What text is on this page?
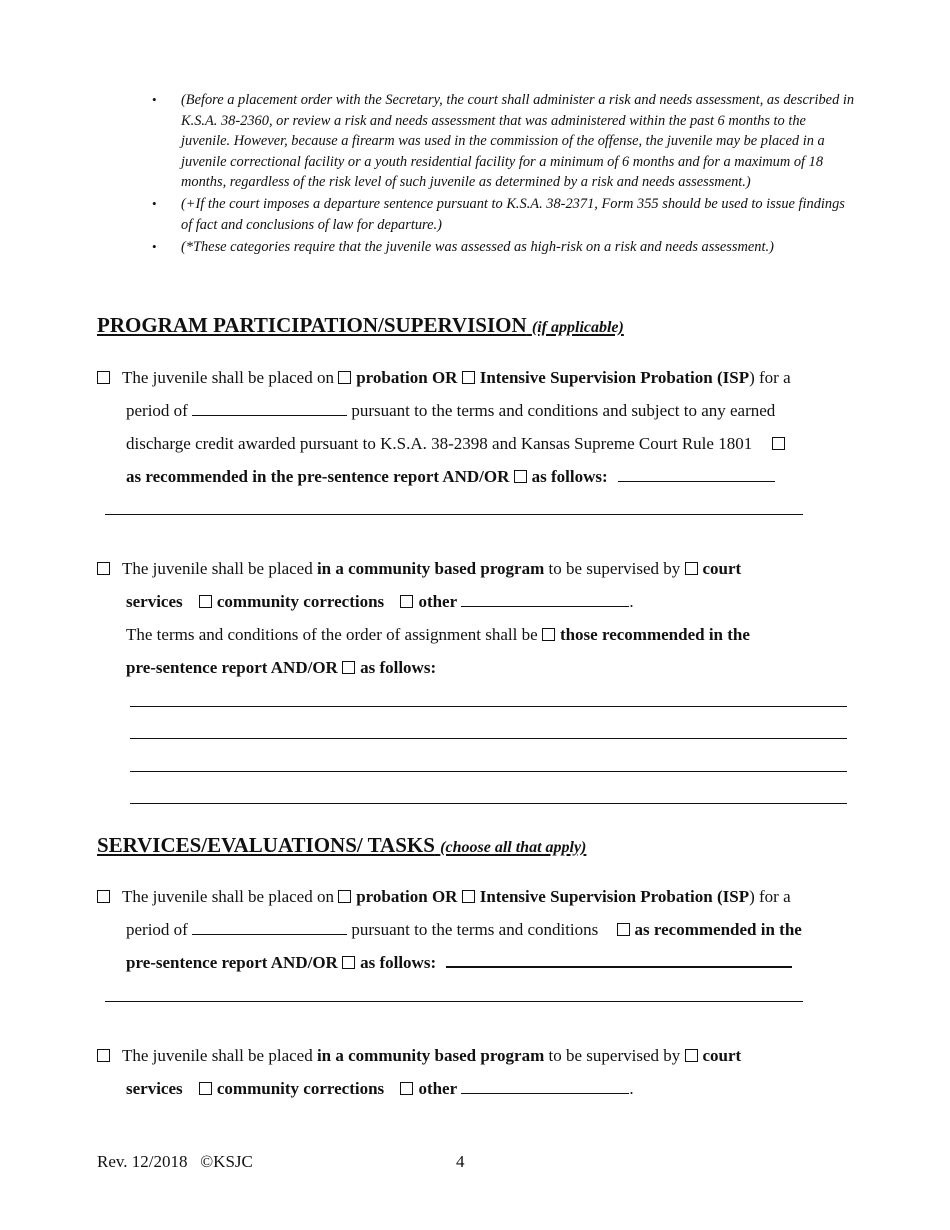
• (Before a placement order with the Secretary, the court shall administer a risk and needs assessment, as described in K.S.A. 38-2360, or review a risk and needs assessment that was administered within the past 6 months to the juvenile. However, because a firearm was used in the commission of the offense, the juvenile may be placed in a juvenile correctional facility or a youth residential facility for a minimum of 6 months and for a maximum of 18 months, regardless of the risk level of such juvenile as determined by a risk and needs assessment.)
• (+If the court imposes a departure sentence pursuant to K.S.A. 38-2371, Form 355 should be used to issue findings of fact and conclusions of law for departure.)
• (*These categories require that the juvenile was assessed as high-risk on a risk and needs assessment.)
PROGRAM PARTICIPATION/SUPERVISION (if applicable)
The juvenile shall be placed on probation OR Intensive Supervision Probation (ISP) for a
period of	pursuant to the terms and conditions and subject to any earned
discharge credit awarded pursuant to K.S.A. 38-2398 and Kansas Supreme Court Rule 1801
as recommended in the pre-sentence report AND/OR as follows:
The juvenile shall be placed in a community based program to be supervised by court
services community corrections other	.
The terms and conditions of the order of assignment shall be those recommended in the
pre-sentence report AND/OR as follows:
SERVICES/EVALUATIONS/ TASKS (choose all that apply)
The juvenile shall be placed on probation OR Intensive Supervision Probation (ISP) for a
period of	pursuant to the terms and conditions as recommended in the
pre-sentence report AND/OR as follows:
The juvenile shall be placed in a community based program to be supervised by court
services community corrections other	.
Rev. 12/2018 ©KSJC	4
